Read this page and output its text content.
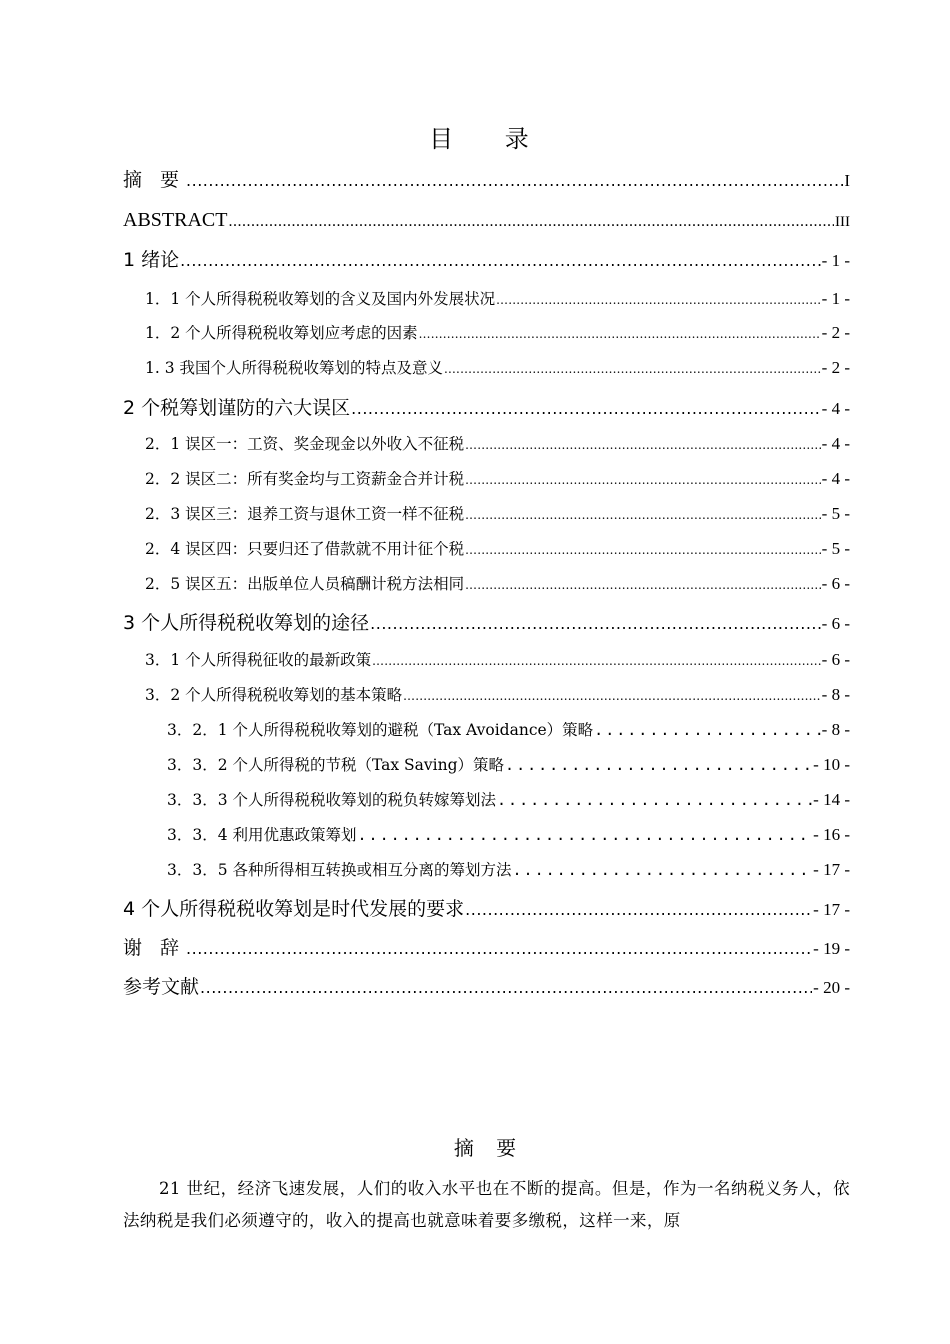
目 录
摘 要 .....	I
ABSTRACT .....	III
1 绪论 .....	- 1 -
1．1 个人所得税税收筹划的含义及国内外发展状况 .....	- 1 -
1．2 个人所得税税收筹划应考虑的因素 .....	- 2 -
1. 3 我国个人所得税税收筹划的特点及意义 .....	- 2 -
2 个税筹划谨防的六大误区 .....	- 4 -
2．1 误区一：工资、奖金现金以外收入不征税 .....	- 4 -
2．2 误区二：所有奖金均与工资薪金合并计税 .....	- 4 -
2．3 误区三：退养工资与退休工资一样不征税 .....	- 5 -
2．4 误区四：只要归还了借款就不用计征个税 .....	- 5 -
2．5 误区五：出版单位人员稿酬计税方法相同 .....	- 6 -
3 个人所得税税收筹划的途径 .....	- 6 -
3．1 个人所得税征收的最新政策 .....	- 6 -
3．2 个人所得税税收筹划的基本策略 .....	- 8 -
3．2．1 个人所得税税收筹划的避税（Tax Avoidance）策略 .....	- 8 -
3．3．2 个人所得税的节税（Tax Saving）策略 .....	- 10 -
3．3．3 个人所得税税收筹划的税负转嫁筹划法 .....	- 14 -
3．3．4 利用优惠政策筹划 .....	- 16 -
3．3．5 各种所得相互转换或相互分离的筹划方法 .....	- 17 -
4 个人所得税税收筹划是时代发展的要求 .....	- 17 -
谢 辞 .....	- 19 -
参考文献 .....	- 20 -
摘 要
21 世纪，经济飞速发展，人们的收入水平也在不断的提高。但是，作为一名纳税义务人，依法纳税是我们必须遵守的，收入的提高也就意味着要多缴税，这样一来，原
